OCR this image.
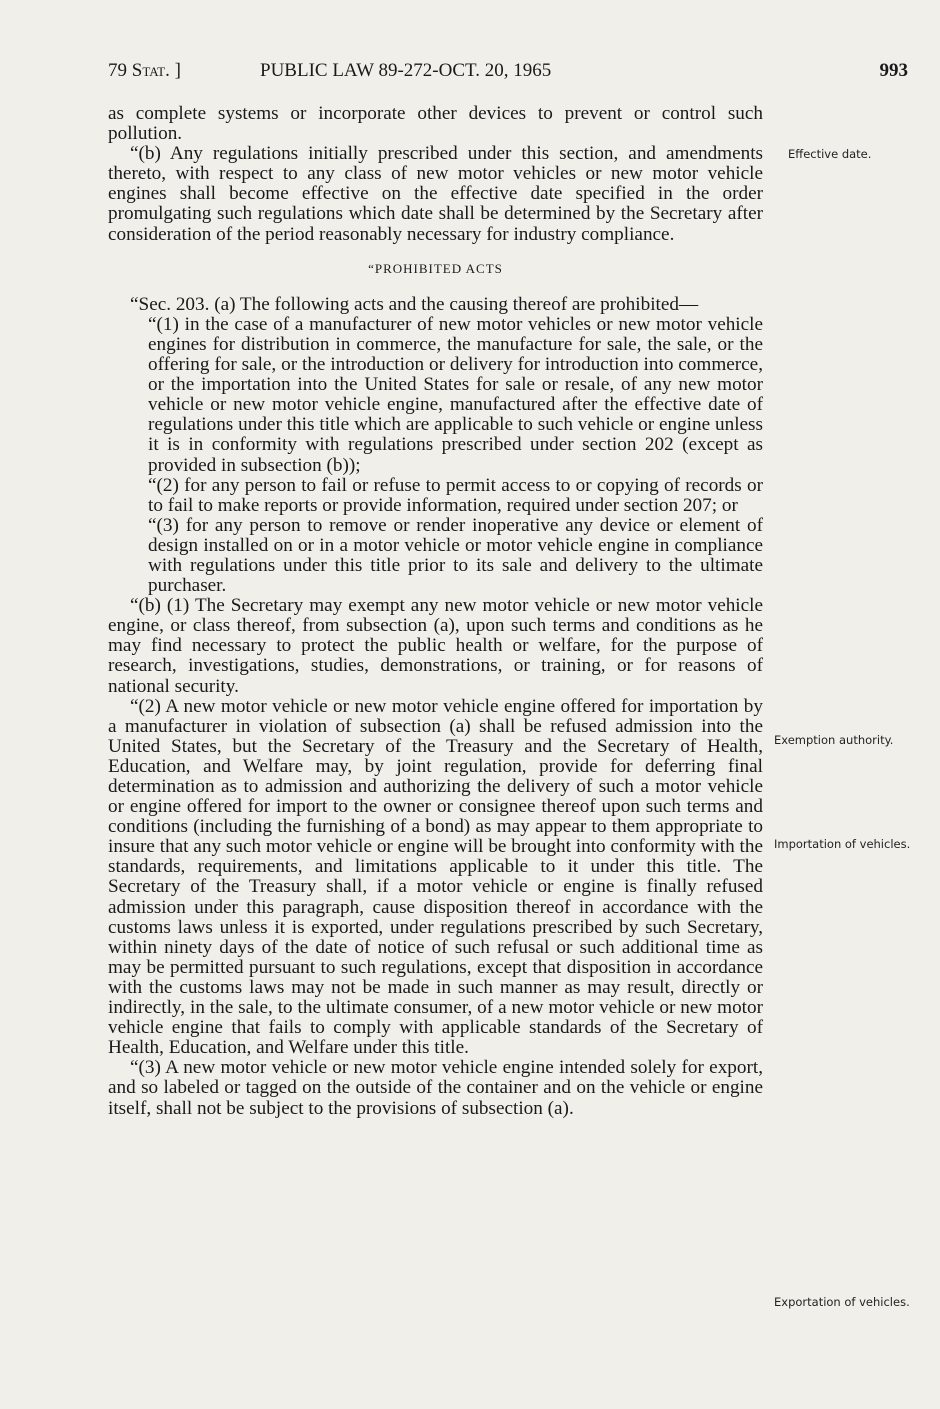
79 Stat. ]	PUBLIC LAW 89-272-OCT. 20, 1965	993

as complete systems or incorporate other devices to prevent or control such pollution.

“(b) Any regulations initially prescribed under this section, and amendments thereto, with respect to any class of new motor vehicles or new motor vehicle engines shall become effective on the effective date specified in the order promulgating such regulations which date shall be determined by the Secretary after consideration of the period reasonably necessary for industry compliance.

“PROHIBITED ACTS

“Sec. 203. (a) The following acts and the causing thereof are prohibited—

“(1) in the case of a manufacturer of new motor vehicles or new motor vehicle engines for distribution in commerce, the manufacture for sale, the sale, or the offering for sale, or the introduction or delivery for introduction into commerce, or the importation into the United States for sale or resale, of any new motor vehicle or new motor vehicle engine, manufactured after the effective date of regulations under this title which are applicable to such vehicle or engine unless it is in conformity with regulations prescribed under section 202 (except as provided in subsection (b));

“(2) for any person to fail or refuse to permit access to or copying of records or to fail to make reports or provide information, required under section 207; or

“(3) for any person to remove or render inoperative any device or element of design installed on or in a motor vehicle or motor vehicle engine in compliance with regulations under this title prior to its sale and delivery to the ultimate purchaser.

“(b) (1) The Secretary may exempt any new motor vehicle or new motor vehicle engine, or class thereof, from subsection (a), upon such terms and conditions as he may find necessary to protect the public health or welfare, for the purpose of research, investigations, studies, demonstrations, or training, or for reasons of national security.

“(2) A new motor vehicle or new motor vehicle engine offered for importation by a manufacturer in violation of subsection (a) shall be refused admission into the United States, but the Secretary of the Treasury and the Secretary of Health, Education, and Welfare may, by joint regulation, provide for deferring final determination as to admission and authorizing the delivery of such a motor vehicle or engine offered for import to the owner or consignee thereof upon such terms and conditions (including the furnishing of a bond) as may appear to them appropriate to insure that any such motor vehicle or engine will be brought into conformity with the standards, requirements, and limitations applicable to it under this title. The Secretary of the Treasury shall, if a motor vehicle or engine is finally refused admission under this paragraph, cause disposition thereof in accordance with the customs laws unless it is exported, under regulations prescribed by such Secretary, within ninety days of the date of notice of such refusal or such additional time as may be permitted pursuant to such regulations, except that disposition in accordance with the customs laws may not be made in such manner as may result, directly or indirectly, in the sale, to the ultimate consumer, of a new motor vehicle or new motor vehicle engine that fails to comply with applicable standards of the Secretary of Health, Education, and Welfare under this title.

“(3) A new motor vehicle or new motor vehicle engine intended solely for export, and so labeled or tagged on the outside of the container and on the vehicle or engine itself, shall not be subject to the provisions of subsection (a).

Effective date.
Exemption authority.
Importation of vehicles.
Exportation of vehicles.
